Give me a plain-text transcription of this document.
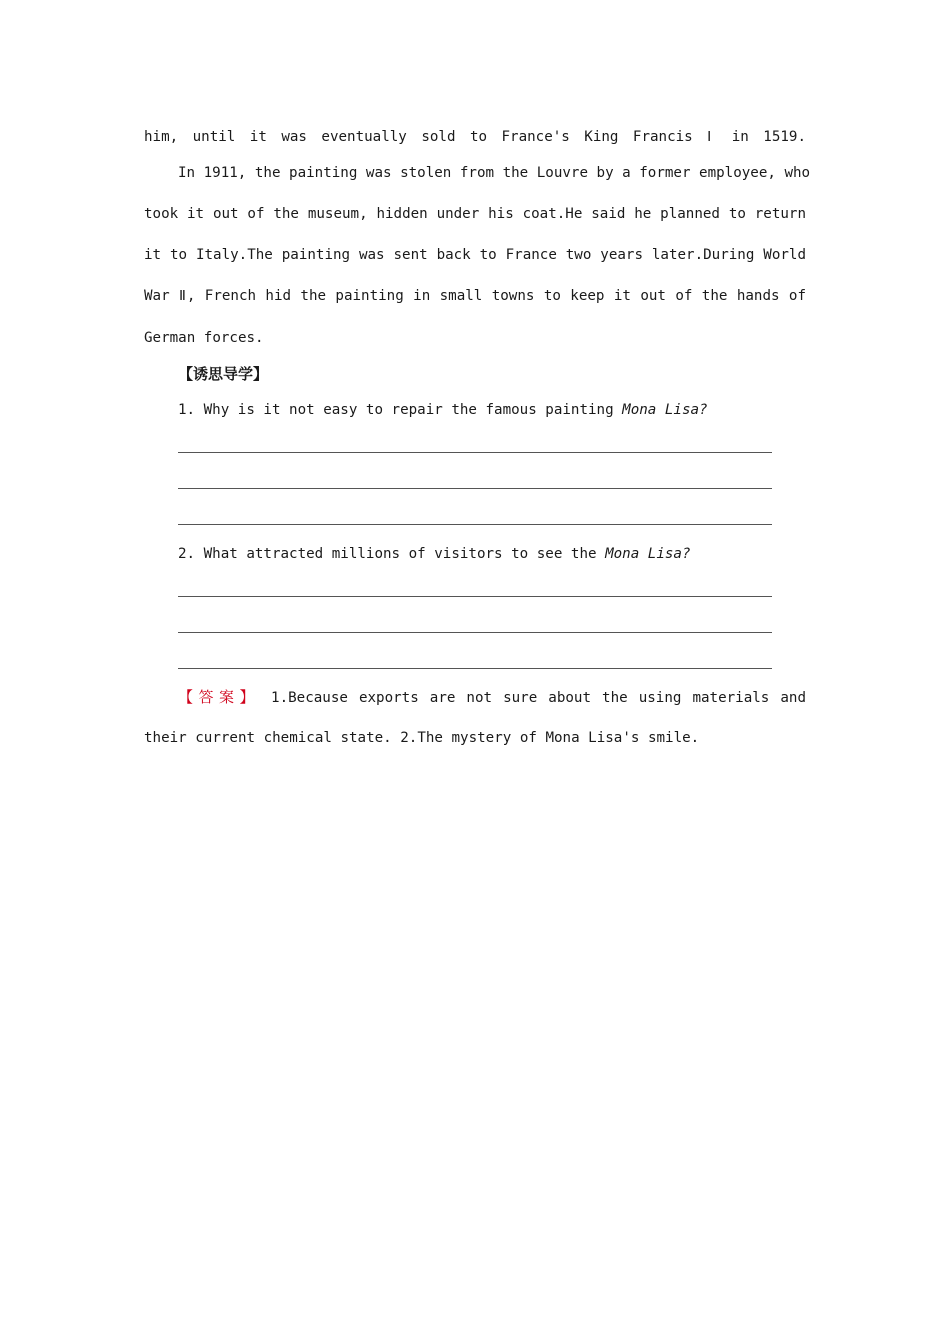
him, until it was eventually sold to France's King Francis Ⅰ in 1519.
In 1911, the painting was stolen from the Louvre by a former employee, who
took it out of the museum, hidden under his coat.He said he planned to return
it to Italy.The painting was sent back to France two years later.During World
War Ⅱ, French hid the painting in small towns to keep it out of the hands of
German forces.
【诱思导学】
1. Why is it not easy to repair the famous painting Mona Lisa?
2. What attracted millions of visitors to see the Mona Lisa?
【答案】 1.Because exports are not sure about the using materials and
their current chemical state. 2.The mystery of Mona Lisa's smile.
